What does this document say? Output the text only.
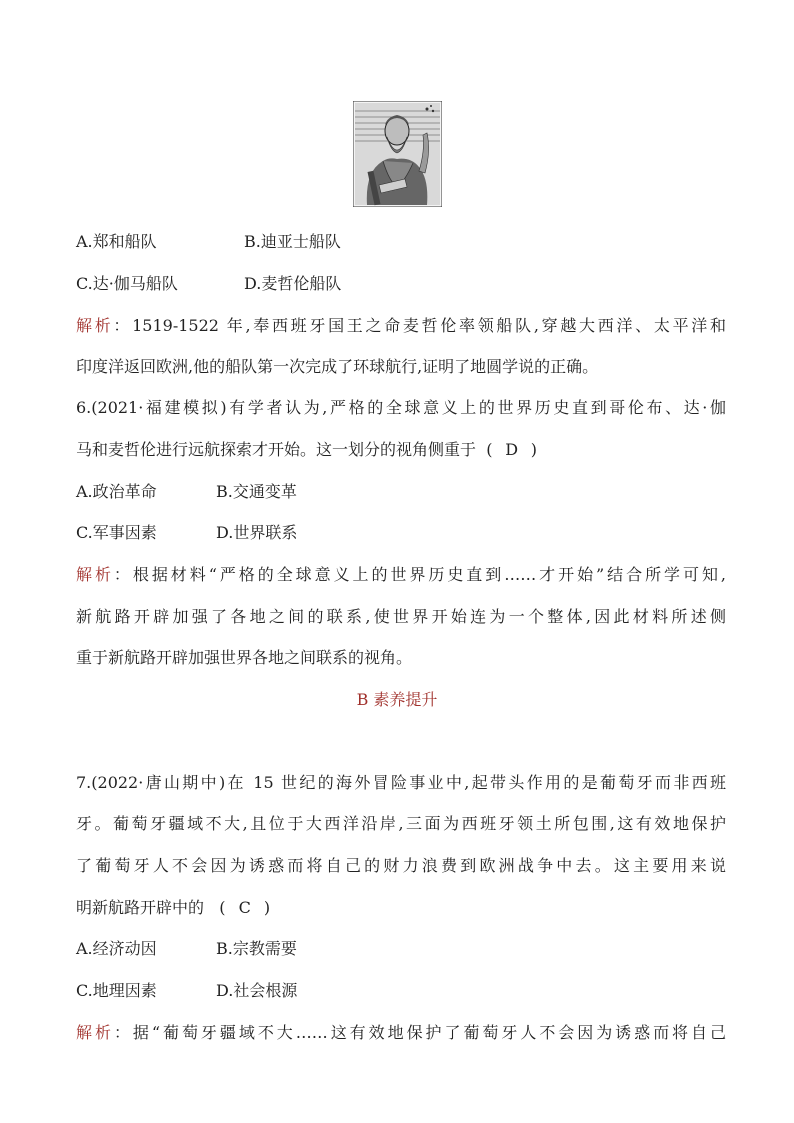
A.郑和船队	B.迪亚士船队
C.达·伽马船队	D.麦哲伦船队
解析：1519-1522 年,奉西班牙国王之命麦哲伦率领船队,穿越大西洋、太平洋和
印度洋返回欧洲,他的船队第一次完成了环球航行,证明了地圆学说的正确。
6.(2021·福建模拟)有学者认为,严格的全球意义上的世界历史直到哥伦布、达·伽
马和麦哲伦进行远航探索才开始。这一划分的视角侧重于 ( D )
A.政治革命	B.交通变革
C.军事因素	D.世界联系
解析：根据材料“严格的全球意义上的世界历史直到……才开始”结合所学可知,
新航路开辟加强了各地之间的联系,使世界开始连为一个整体,因此材料所述侧
重于新航路开辟加强世界各地之间联系的视角。
B 素养提升
7.(2022·唐山期中)在 15 世纪的海外冒险事业中,起带头作用的是葡萄牙而非西班
牙。葡萄牙疆域不大,且位于大西洋沿岸,三面为西班牙领土所包围,这有效地保护
了葡萄牙人不会因为诱惑而将自己的财力浪费到欧洲战争中去。这主要用来说
明新航路开辟中的 ( C )
A.经济动因	B.宗教需要
C.地理因素	D.社会根源
解析：据“葡萄牙疆域不大……这有效地保护了葡萄牙人不会因为诱惑而将自己
